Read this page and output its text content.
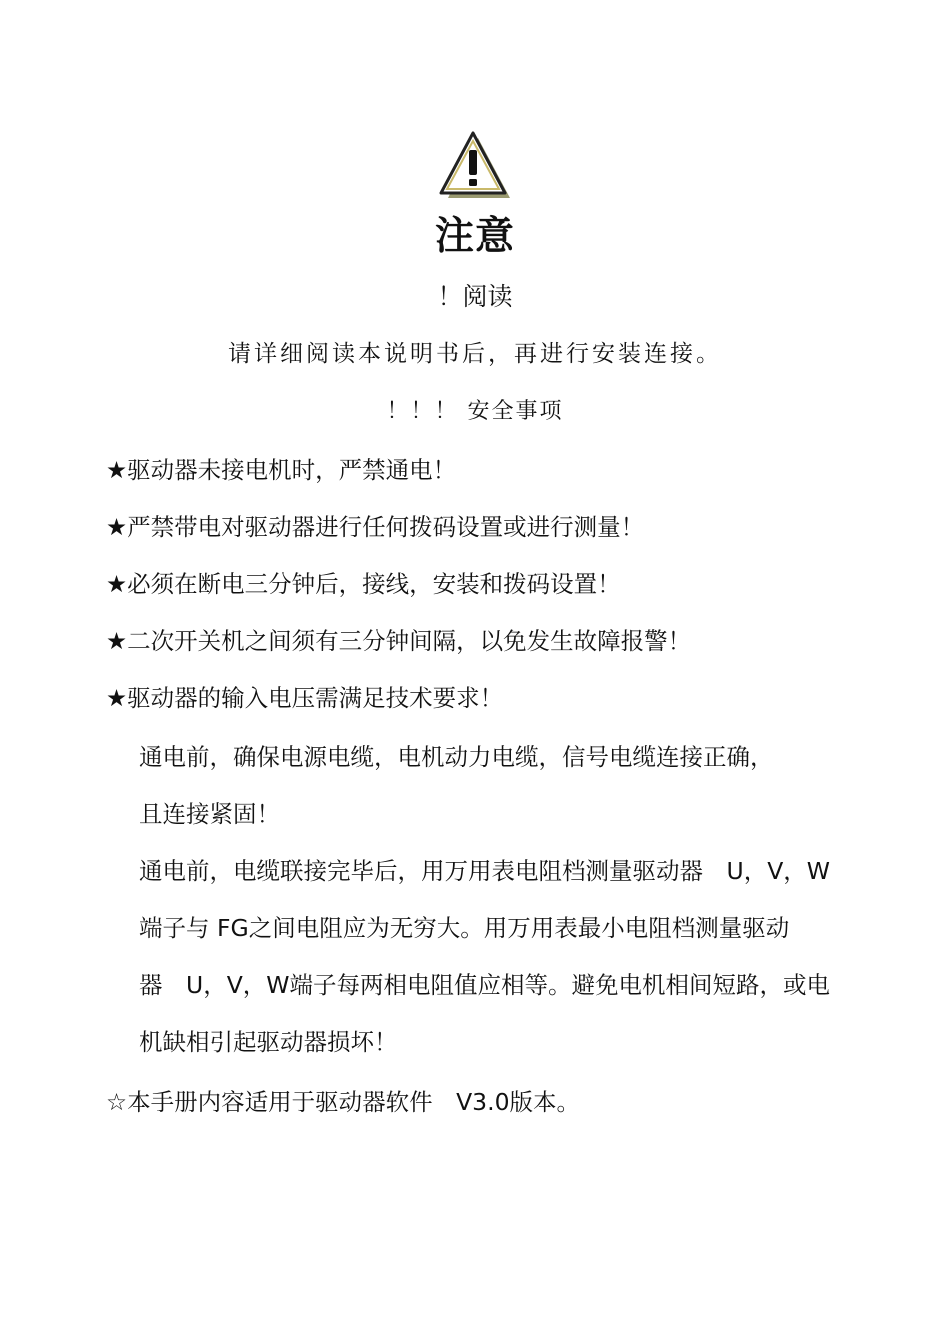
注意
！阅读
请详细阅读本说明书后，再进行安装连接。
！！！ 安全事项
★驱动器未接电机时，严禁通电！
★严禁带电对驱动器进行任何拨码设置或进行测量！
★必须在断电三分钟后，接线，安装和拨码设置！
★二次开关机之间须有三分钟间隔，以免发生故障报警！
★驱动器的输入电压需满足技术要求！
通电前，确保电源电缆，电机动力电缆，信号电缆连接正确，
且连接紧固！
通电前，电缆联接完毕后，用万用表电阻档测量驱动器　U，V，W
端子与 FG之间电阻应为无穷大。用万用表最小电阻档测量驱动
器　U，V，W端子每两相电阻值应相等。避免电机相间短路，或电
机缺相引起驱动器损坏！
☆本手册内容适用于驱动器软件　V3.0版本。
